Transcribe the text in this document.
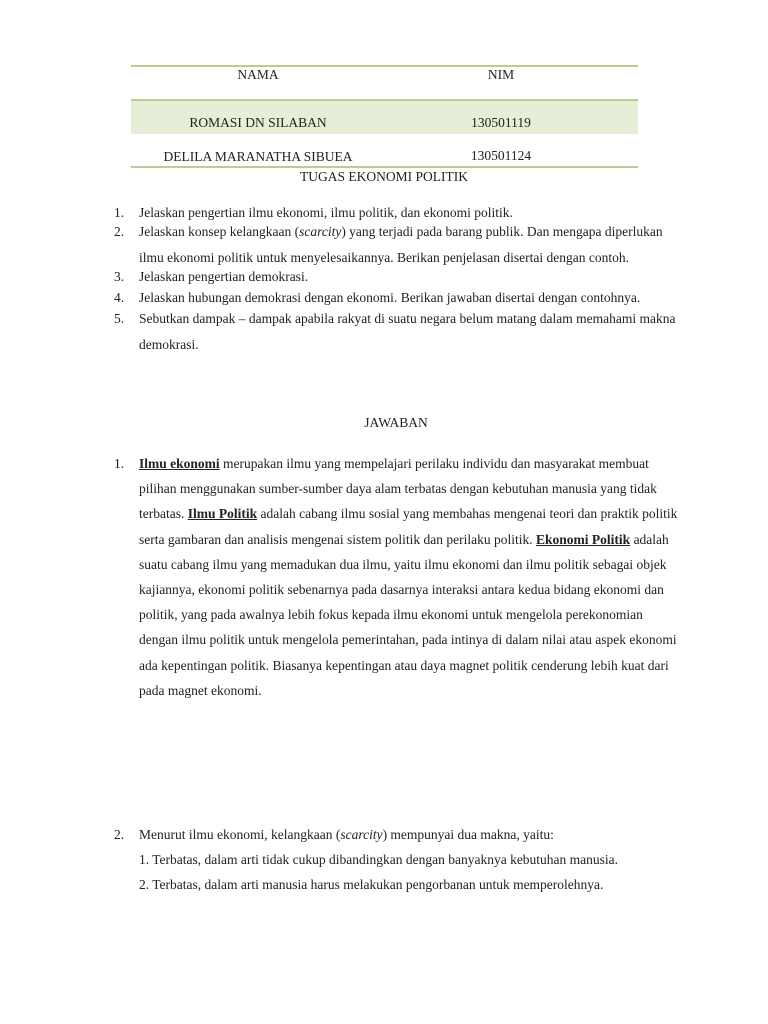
NAMA	NIM
ROMASI DN SILABAN	130501119
DELILA MARANATHA SIBUEA	130501124
TUGAS EKONOMI POLITIK
1. Jelaskan pengertian ilmu ekonomi, ilmu politik, dan ekonomi politik.
2. Jelaskan konsep kelangkaan (scarcity) yang terjadi pada barang publik. Dan mengapa diperlukan ilmu ekonomi politik untuk menyelesaikannya. Berikan penjelasan disertai dengan contoh.
3. Jelaskan pengertian demokrasi.
4. Jelaskan hubungan demokrasi dengan ekonomi. Berikan jawaban disertai dengan contohnya.
5. Sebutkan dampak – dampak apabila rakyat di suatu negara belum matang dalam memahami makna demokrasi.
JAWABAN
1. Ilmu ekonomi merupakan ilmu yang mempelajari perilaku individu dan masyarakat membuat pilihan menggunakan sumber-sumber daya alam terbatas dengan kebutuhan manusia yang tidak terbatas. Ilmu Politik adalah cabang ilmu sosial yang membahas mengenai teori dan praktik politik serta gambaran dan analisis mengenai sistem politik dan perilaku politik. Ekonomi Politik adalah suatu cabang ilmu yang memadukan dua ilmu, yaitu ilmu ekonomi dan ilmu politik sebagai objek kajiannya, ekonomi politik sebenarnya pada dasarnya interaksi antara kedua bidang ekonomi dan politik, yang pada awalnya lebih fokus kepada ilmu ekonomi untuk mengelola perekonomian dengan ilmu politik untuk mengelola pemerintahan, pada intinya di dalam nilai atau aspek ekonomi ada kepentingan politik. Biasanya kepentingan atau daya magnet politik cenderung lebih kuat dari pada magnet ekonomi.
2. Menurut ilmu ekonomi, kelangkaan (scarcity) mempunyai dua makna, yaitu:
1. Terbatas, dalam arti tidak cukup dibandingkan dengan banyaknya kebutuhan manusia.
2. Terbatas, dalam arti manusia harus melakukan pengorbanan untuk memperolehnya.
